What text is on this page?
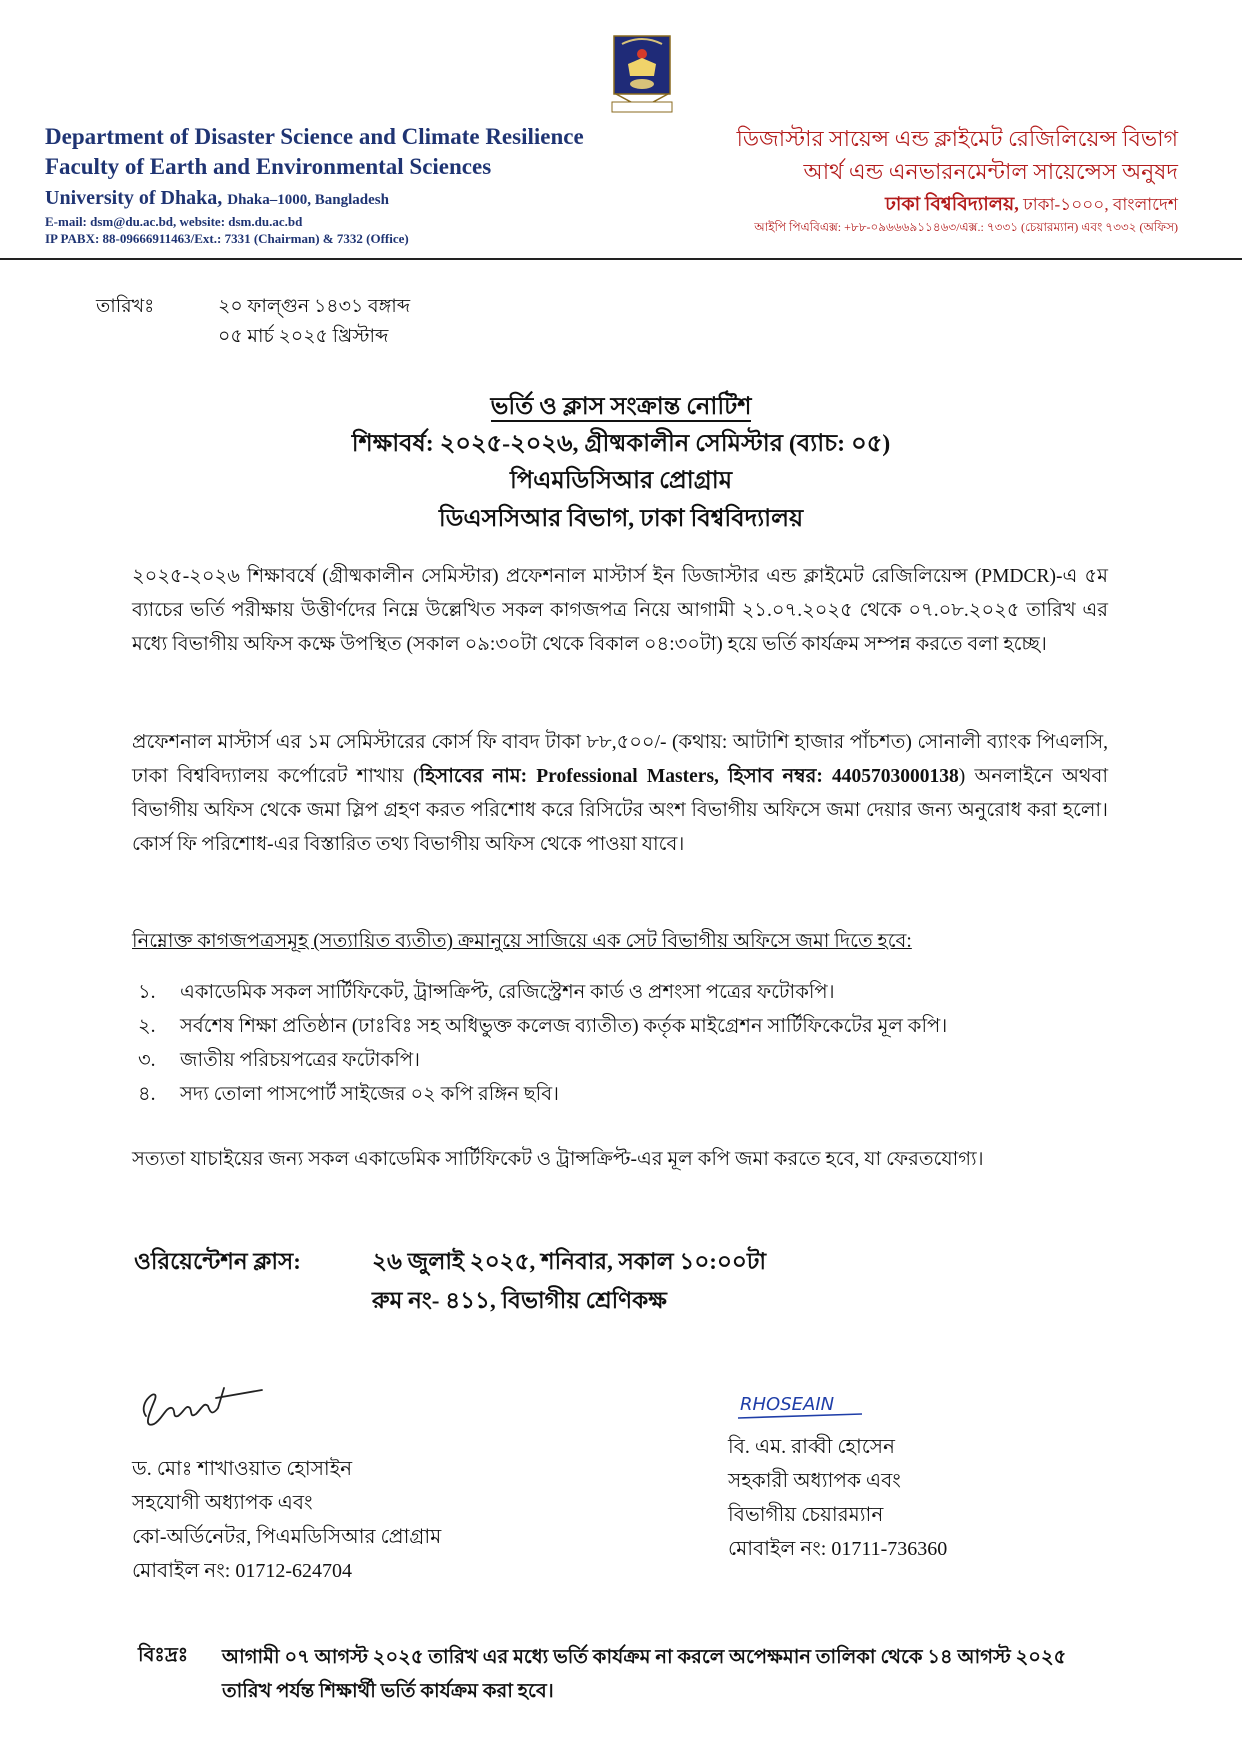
Department of Disaster Science and Climate Resilience
Faculty of Earth and Environmental Sciences
University of Dhaka, Dhaka–1000, Bangladesh
E-mail: dsm@du.ac.bd, website: dsm.du.ac.bd
IP PABX: 88-09666911463/Ext.: 7331 (Chairman) & 7332 (Office)
ডিজাস্টার সায়েন্স এন্ড ক্লাইমেট রেজিলিয়েন্স বিভাগ
আর্থ এন্ড এনভারনমেন্টাল সায়েন্সেস অনুষদ
ঢাকা বিশ্ববিদ্যালয়, ঢাকা-১০০০, বাংলাদেশ
আইপি পিএবিএক্স: +৮৮-০৯৬৬৬৯১১৪৬৩/এক্স.: ৭৩৩১ (চেয়ারম্যান) এবং ৭৩৩২ (অফিস)
তারিখঃ	২০ ফাল্গুন ১৪৩১ বঙ্গাব্দ
০৫ মার্চ ২০২৫ খ্রিস্টাব্দ
ভর্তি ও ক্লাস সংক্রান্ত নোটিশ
শিক্ষাবর্ষ: ২০২৫-২০২৬, গ্রীষ্মকালীন সেমিস্টার (ব্যাচ: ০৫)
পিএমডিসিআর প্রোগ্রাম
ডিএসসিআর বিভাগ, ঢাকা বিশ্ববিদ্যালয়
২০২৫-২০২৬ শিক্ষাবর্ষে (গ্রীষ্মকালীন সেমিস্টার) প্রফেশনাল মাস্টার্স ইন ডিজাস্টার এন্ড ক্লাইমেট রেজিলিয়েন্স (PMDCR)-এ ৫ম ব্যাচের ভর্তি পরীক্ষায় উত্তীর্ণদের নিম্নে উল্লেখিত সকল কাগজপত্র নিয়ে আগামী ২১.০৭.২০২৫ থেকে ০৭.০৮.২০২৫ তারিখ এর মধ্যে বিভাগীয় অফিস কক্ষে উপস্থিত (সকাল ০৯:৩০টা থেকে বিকাল ০৪:৩০টা) হয়ে ভর্তি কার্যক্রম সম্পন্ন করতে বলা হচ্ছে।
প্রফেশনাল মাস্টার্স এর ১ম সেমিস্টারের কোর্স ফি বাবদ টাকা ৮৮,৫০০/- (কথায়: আটাশি হাজার পাঁচশত) সোনালী ব্যাংক পিএলসি, ঢাকা বিশ্ববিদ্যালয় কর্পোরেট শাখায় (হিসাবের নাম: Professional Masters, হিসাব নম্বর: 4405703000138) অনলাইনে অথবা বিভাগীয় অফিস থেকে জমা স্লিপ গ্রহণ করত পরিশোধ করে রিসিটের অংশ বিভাগীয় অফিসে জমা দেয়ার জন্য অনুরোধ করা হলো। কোর্স ফি পরিশোধ-এর বিস্তারিত তথ্য বিভাগীয় অফিস থেকে পাওয়া যাবে।
নিম্নোক্ত কাগজপত্রসমূহ (সত্যায়িত ব্যতীত) ক্রমানুয়ে সাজিয়ে এক সেট বিভাগীয় অফিসে জমা দিতে হবে:
১. একাডেমিক সকল সার্টিফিকেট, ট্রান্সক্রিপ্ট, রেজিস্ট্রেশন কার্ড ও প্রশংসা পত্রের ফটোকপি।
২. সর্বশেষ শিক্ষা প্রতিষ্ঠান (ঢাঃবিঃ সহ অধিভুক্ত কলেজ ব্যাতীত) কর্তৃক মাইগ্রেশন সার্টিফিকেটের মূল কপি।
৩. জাতীয় পরিচয়পত্রের ফটোকপি।
৪. সদ্য তোলা পাসপোর্ট সাইজের ০২ কপি রঙ্গিন ছবি।
সত্যতা যাচাইয়ের জন্য সকল একাডেমিক সার্টিফিকেট ও ট্রান্সক্রিপ্ট-এর মূল কপি জমা করতে হবে, যা ফেরতযোগ্য।
ওরিয়েন্টেশন ক্লাস:	২৬ জুলাই ২০২৫, শনিবার, সকাল ১০:০০টা
রুম নং- ৪১১, বিভাগীয় শ্রেণিকক্ষ
RHOSEAIN
ড. মোঃ শাখাওয়াত হোসাইন
সহযোগী অধ্যাপক এবং
কো-অর্ডিনেটর, পিএমডিসিআর প্রোগ্রাম
মোবাইল নং: 01712-624704
বি. এম. রাব্বী হোসেন
সহকারী অধ্যাপক এবং
বিভাগীয় চেয়ারম্যান
মোবাইল নং: 01711-736360
বিঃদ্রঃ আগামী ০৭ আগস্ট ২০২৫ তারিখ এর মধ্যে ভর্তি কার্যক্রম না করলে অপেক্ষমান তালিকা থেকে ১৪ আগস্ট ২০২৫ তারিখ পর্যন্ত শিক্ষার্থী ভর্তি কার্যক্রম করা হবে।
